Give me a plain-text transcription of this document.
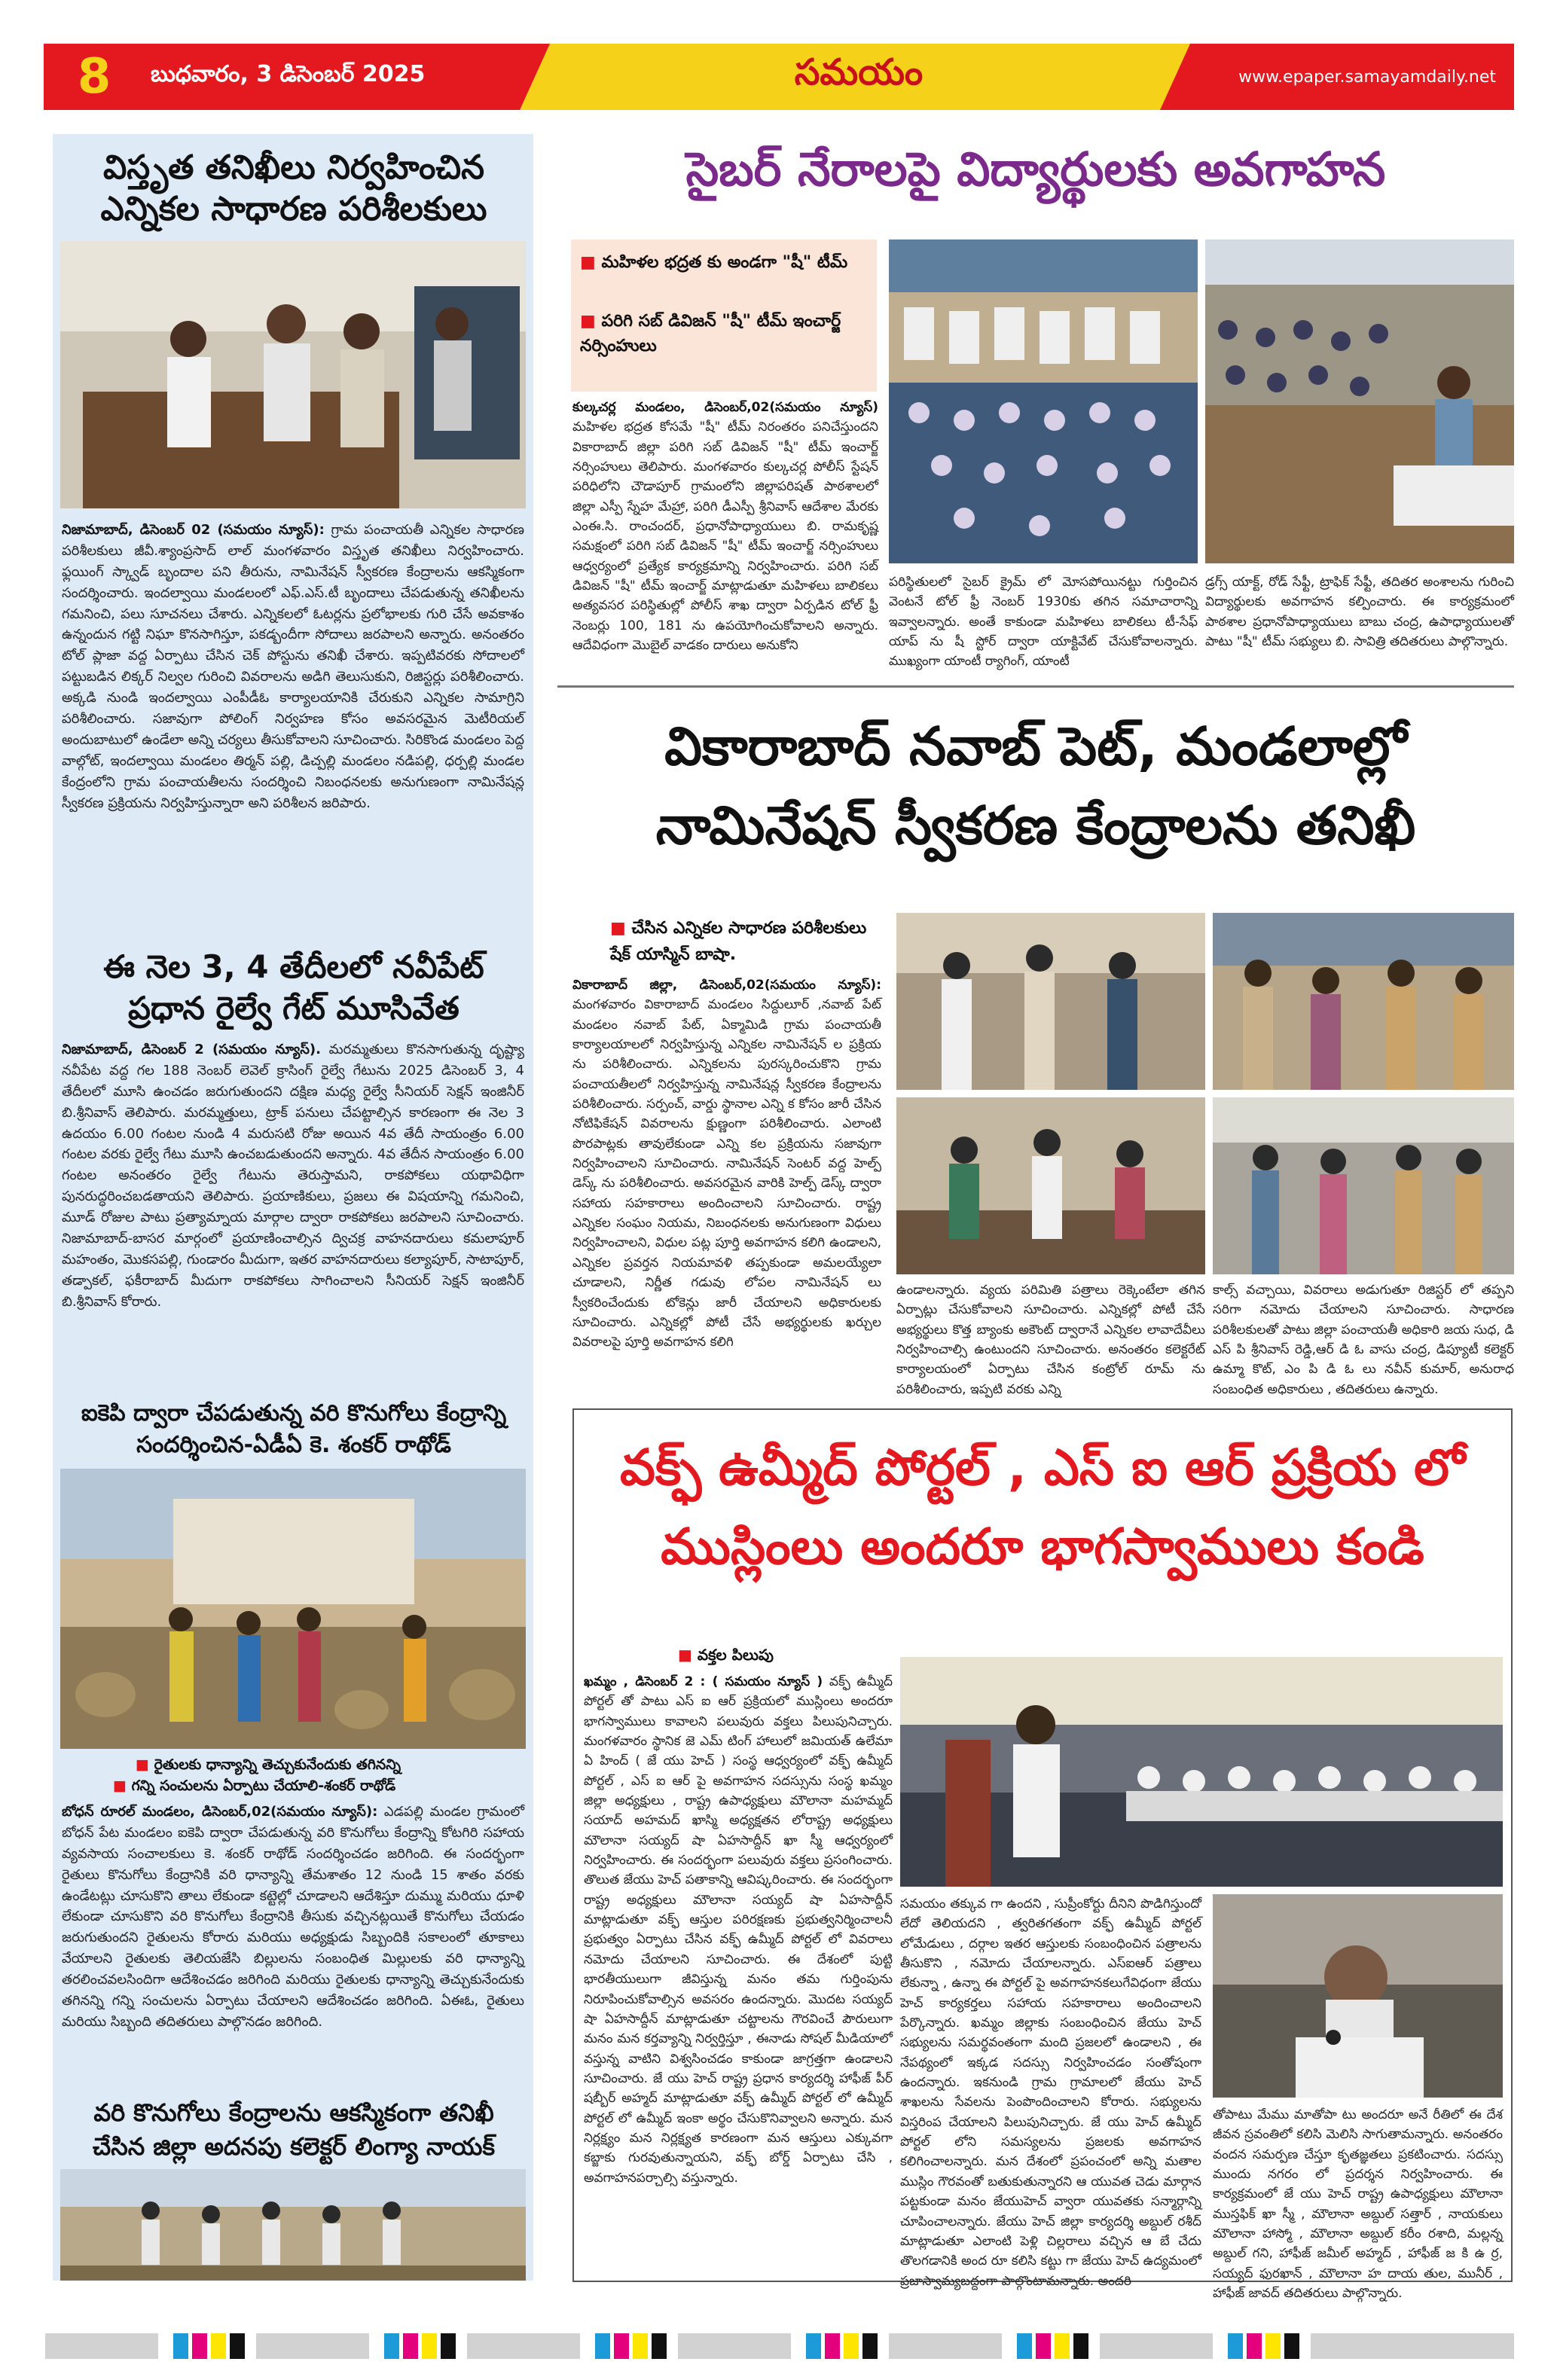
8	బుధవారం, 3 డిసెంబర్ 2025	సమయం	www.epaper.samayamdaily.net
విస్తృత తనిఖీలు నిర్వహించిన
ఎన్నికల సాధారణ పరిశీలకులు
నిజామాబాద్, డిసెంబర్ 02 (సమయం న్యూస్): గ్రామ పంచాయతీ ఎన్నికల సాధారణ పరిశీలకులు జీవీ.శ్యాంప్రసాద్ లాల్ మంగళవారం విస్తృత తనిఖీలు నిర్వహించారు. ఫ్లయింగ్ స్క్వాడ్ బృందాల పని తీరును, నామినేషన్ స్వీకరణ కేంద్రాలను ఆకస్మికంగా సందర్శించారు. ఇందల్వాయి మండలంలో ఎఫ్.ఎస్.టీ బృందాలు చేపడుతున్న తనిఖీలను గమనించి, పలు సూచనలు చేశారు. ఎన్నికలలో ఓటర్లను ప్రలోభాలకు గురి చేసే అవకాశం ఉన్నందున గట్టి నిఘా కొనసాగిస్తూ, పకడ్బందీగా సోదాలు జరపాలని అన్నారు. అనంతరం టోల్ ప్లాజా వద్ద ఏర్పాటు చేసిన చెక్ పోస్టును తనిఖీ చేశారు. ఇప్పటివరకు సోదాలలో పట్టుబడిన లిక్కర్ నిల్వల గురించి వివరాలను అడిగి తెలుసుకుని, రిజిస్టర్లు పరిశీలించారు. అక్కడి నుండి ఇందల్వాయి ఎంపీడీఓ కార్యాలయానికి చేరుకుని ఎన్నికల సామాగ్రిని పరిశీలించారు. సజావుగా పోలింగ్ నిర్వహణ కోసం అవసరమైన మెటీరియల్ అందుబాటులో ఉండేలా అన్ని చర్యలు తీసుకోవాలని సూచించారు. సిరికొండ మండలం పెద్ద వాల్గోట్, ఇందల్వాయి మండలం తిర్మన్ పల్లి, డిచ్పల్లి మండలం నడిపల్లి, ధర్పల్లి మండల కేంద్రంలోని గ్రామ పంచాయతీలను సందర్శించి నిబంధనలకు అనుగుణంగా నామినేషన్ల స్వీకరణ ప్రక్రియను నిర్వహిస్తున్నారా అని పరిశీలన జరిపారు.
ఈ నెల 3, 4 తేదీలలో నవీపేట్
ప్రధాన రైల్వే గేట్ మూసివేత
నిజామాబాద్, డిసెంబర్ 2 (సమయం న్యూస్). మరమ్మతులు కొనసాగుతున్న దృష్ట్యా నవీపేట వద్ద గల 188 నెంబర్ లెవెల్ క్రాసింగ్ రైల్వే గేటును 2025 డిసెంబర్ 3, 4 తేదీలలో మూసి ఉంచడం జరుగుతుందని దక్షిణ మధ్య రైల్వే సీనియర్ సెక్షన్ ఇంజినీర్ బి.శ్రీనివాస్ తెలిపారు. మరమ్మత్తులు, ట్రాక్ పనులు చేపట్టాల్సిన కారణంగా ఈ నెల 3 ఉదయం 6.00 గంటల నుండి 4 మరుసటి రోజు అయిన 4వ తేదీ సాయంత్రం 6.00 గంటల వరకు రైల్వే గేటు మూసి ఉంచబడుతుందని అన్నారు. 4వ తేదీన సాయంత్రం 6.00 గంటల అనంతరం రైల్వే గేటును తెరుస్తామని, రాకపోకలు యథావిధిగా పునరుద్ధరించబడతాయని తెలిపారు. ప్రయాణికులు, ప్రజలు ఈ విషయాన్ని గమనించి, మూడ్ రోజుల పాటు ప్రత్యామ్నాయ మార్గాల ద్వారా రాకపోకలు జరపాలని సూచించారు. నిజామాబాద్-బాసర మార్గంలో ప్రయాణించాల్సిన ద్విచక్ర వాహనదారులు కమలాపూర్ మహంతం, మొకసపల్లి, గుండారం మీదుగా, ఇతర వాహనదారులు కల్యాపూర్, సాటాపూర్, తడ్పాకల్, ఫకీరాబాద్ మీదుగా రాకపోకలు సాగించాలని సీనియర్ సెక్షన్ ఇంజినీర్ బి.శ్రీనివాస్ కోరారు.
ఐకెపి ద్వారా చేపడుతున్న వరి కొనుగోలు కేంద్రాన్ని
సందర్శించిన-ఏడీఏ కె. శంకర్ రాథోడ్
■ రైతులకు ధాన్యాన్ని తెచ్చుకునేందుకు తగినన్ని
■ గన్ని సంచులను ఏర్పాటు చేయాలి-శంకర్ రాథోడ్
బోధన్ రూరల్ మండలం, డిసెంబర్,02(సమయం న్యూస్): ఎడపల్లి మండల గ్రామంలో బోధన్ పేట మండలం ఐకెపి ద్వారా చేపడుతున్న వరి కొనుగోలు కేంద్రాన్ని కోటగిరి సహాయ వ్యవసాయ సంచాలకులు కె. శంకర్ రాథోడ్ సందర్శించడం జరిగింది. ఈ సందర్భంగా రైతులు కొనుగోలు కేంద్రానికి వరి ధాన్యాన్ని తేమశాతం 12 నుండి 15 శాతం వరకు ఉండేటట్లు చూసుకొని తాలు లేకుండా కట్టెల్లో చూడాలని ఆదేశిస్తూ దుమ్ము మరియు ధూళి లేకుండా చూసుకొని వరి కొనుగోలు కేంద్రానికి తీసుకు వచ్చినట్లయితే కొనుగోలు చేయడం జరుగుతుందని రైతులను కోరారు మరియు అధ్యక్షుడు సిబ్బందికి సకాలంలో తూకాలు వేయాలని రైతులకు తెలియజేసి బిల్లులను సంబంధిత మిల్లులకు వరి ధాన్యాన్ని తరలించవలసిందిగా ఆదేశించడం జరిగింది మరియు రైతులకు ధాన్యాన్ని తెచ్చుకునేందుకు తగినన్ని గన్ని సంచులను ఏర్పాటు చేయాలని ఆదేశించడం జరిగింది. ఏఈఓ, రైతులు మరియు సిబ్బంది తదితరులు పాల్గొనడం జరిగింది.
వరి కొనుగోలు కేంద్రాలను ఆకస్మికంగా తనిఖీ
చేసిన జిల్లా అదనపు కలెక్టర్ లింగ్యా నాయక్
సైబర్ నేరాలపై విద్యార్థులకు అవగాహన
■ మహిళల భద్రత కు అండగా "షీ" టీమ్
■ పరిగి సబ్ డివిజన్ "షీ" టీమ్ ఇంచార్జ్ నర్సింహులు
కుల్కచర్ల మండలం, డిసెంబర్,02(సమయం న్యూస్) మహిళల భద్రత కోసమే "షీ" టీమ్ నిరంతరం పనిచేస్తుందని వికారాబాద్ జిల్లా పరిగి సబ్ డివిజన్ "షీ" టీమ్ ఇంచార్జ్ నర్సింహులు తెలిపారు. మంగళవారం కుల్కచర్ల పోలీస్ స్టేషన్ పరిధిలోని చౌడాపూర్ గ్రామంలోని జిల్లాపరిషత్ పాఠశాలలో జిల్లా ఎస్పీ స్నేహ మేహ్రా, పరిగి డీఎస్పీ శ్రీనివాస్ ఆదేశాల మేరకు ఎంఈ.సి. రాంచందర్, ప్రధానోపాధ్యాయులు బి. రామకృష్ణ సమక్షంలో పరిగి సబ్ డివిజన్ "షీ" టీమ్ ఇంచార్జ్ నర్సింహులు ఆధ్వర్యంలో ప్రత్యేక కార్యక్రమాన్ని నిర్వహించారు. పరిగి సబ్ డివిజన్ "షీ" టీమ్ ఇంచార్జ్ మాట్లాడుతూ మహిళలు బాలికలు అత్యవసర పరిస్థితుల్లో పోలీస్ శాఖ ద్వారా ఏర్పడిన టోల్ ఫ్రీ నెంబర్లు 100, 181 ను ఉపయోగించుకోవాలని అన్నారు. ఆదేవిధంగా మొబైల్ వాడకం దారులు అనుకోని
పరిస్థితులలో సైబర్ క్రైమ్ లో మోసపోయినట్టు గుర్తించిన వెంటనే టోల్ ఫ్రీ నెంబర్ 1930కు తగిన సమాచారాన్ని ఇవ్వాలన్నారు. అంతే కాకుండా మహిళలు బాలికలు టీ-సేఫ్ యాప్ ను షీ స్టోర్ ద్వారా యాక్టివేట్ చేసుకోవాలన్నారు. ముఖ్యంగా యాంటీ ర్యాగింగ్, యాంటీ
డ్రగ్స్ యాక్ట్, రోడ్ సేఫ్టీ, ట్రాఫిక్ సేఫ్టీ, తదితర అంశాలను గురించి విద్యార్థులకు అవగాహన కల్పించారు. ఈ కార్యక్రమంలో పాఠశాల ప్రధానోపాధ్యాయులు బాబు చంద్ర, ఉపాధ్యాయులతో పాటు "షీ" టీమ్ సభ్యులు బి. సావిత్రి తదితరులు పాల్గొన్నారు.
వికారాబాద్ నవాబ్ పెట్, మండలాల్లో
నామినేషన్ స్వీకరణ కేంద్రాలను తనిఖీ
■ చేసిన ఎన్నికల సాధారణ పరిశీలకులు షేక్ యాస్మిన్ బాషా.
వికారాబాద్ జిల్లా, డిసెంబర్,02(సమయం న్యూస్): మంగళవారం వికారాబాద్ మండలం సిద్దులూర్ ,నవాబ్ పేట్ మండలం నవాబ్ పేట్, ఏక్మామిడి గ్రామ పంచాయతీ కార్యాలయాలలో నిర్వహిస్తున్న ఎన్నికల నామినేషన్ ల ప్రక్రియ ను పరిశీలించారు. ఎన్నికలను పురస్కరించుకొని గ్రామ పంచాయతీలలో నిర్వహిస్తున్న నామినేషన్ల స్వీకరణ కేంద్రాలను పరిశీలించారు. సర్పంచ్, వార్డు స్థానాల ఎన్ని క కోసం జారీ చేసిన నోటిఫికేషన్ వివరాలను క్షుణ్ణంగా పరిశీలించారు. ఎలాంటి పొరపాట్లకు తావులేకుండా ఎన్ని కల ప్రక్రియను సజావుగా నిర్వహించాలని సూచించారు. నామినేషన్ సెంటర్ వద్ద హెల్ప్ డెస్క్ ను పరిశీలించారు. అవసరమైన వారికి హెల్ప్ డెస్క్ ద్వారా సహాయ సహకారాలు అందించాలని సూచించారు. రాష్ట్ర ఎన్నికల సంఘం నియమ, నిబంధనలకు అనుగుణంగా విధులు నిర్వహించాలని, విధుల పట్ల పూర్తి అవగాహన కలిగి ఉండాలని, ఎన్నికల ప్రవర్తన నియమావళి తప్పకుండా అమలయ్యేలా చూడాలని, నిర్ణీత గడువు లోపల నామినేషన్ లు స్వీకరించేందుకు టోకెన్లు జారీ చేయాలని అధికారులకు సూచించారు. ఎన్నికల్లో పోటీ చేసే అభ్యర్థులకు ఖర్చుల వివరాలపై పూర్తి అవగాహన కలిగి
ఉండాలన్నారు. వ్యయ పరిమితి పత్రాలు రెక్కెంటేలా తగిన ఏర్పాట్లు చేసుకోవాలని సూచించారు. ఎన్నికల్లో పోటీ చేసే అభ్యర్థులు కొత్త బ్యాంకు అకౌంట్ ద్వారానే ఎన్నికల లావాదేవీలు నిర్వహించాల్సి ఉంటుందని సూచించారు. అనంతరం కలెక్టరేట్ కార్యాలయంలో ఏర్పాటు చేసిన కంట్రోల్ రూమ్ ను పరిశీలించారు, ఇప్పటి వరకు ఎన్ని
కాల్స్ వచ్చాయి, వివరాలు అడుగుతూ రిజిస్టర్ లో తప్పని సరిగా నమోదు చేయాలని సూచించారు. సాధారణ పరిశీలకులతో పాటు జిల్లా పంచాయతీ అధికారి జయ సుధ, డి ఎస్ పి శ్రీనివాస్ రెడ్డి,ఆర్ డి ఓ వాసు చంద్ర, డిప్యూటీ కలెక్టర్ ఉమ్మా కొట్, ఎం పి డి ఓ లు నవీన్ కుమార్, అనురాధ సంబంధిత అధికారులు , తదితరులు ఉన్నారు.
వక్ఫ్ ఉమ్మీద్ పోర్టల్ , ఎస్ ఐ ఆర్ ప్రక్రియ లో
ముస్లింలు అందరూ భాగస్వాములు కండి
■ వక్తల పిలుపు
ఖమ్మం , డిసెంబర్ 2 : ( సమయం న్యూస్ ) వక్ఫ్ ఉమ్మీద్ పోర్టల్ తో పాటు ఎస్ ఐ ఆర్ ప్రక్రియలో ముస్లింలు అందరూ భాగస్వాములు కావాలని పలువురు వక్తలు పిలుపునిచ్చారు. మంగళవారం స్థానిక జె ఎమ్ టింగ్ హాలులో జమియత్ ఉలేమా ఏ హింద్ ( జే యు హెచ్ ) సంస్థ ఆధ్వర్యంలో వక్ఫ్ ఉమ్మీద్ పోర్టల్ , ఎస్ ఐ ఆర్ పై అవగాహన సదస్సును సంస్థ ఖమ్మం జిల్లా అధ్యక్షులు , రాష్ట్ర ఉపాధ్యక్షులు మౌలానా మహమ్మద్ సయాద్ అహమద్ ఖాస్మి అధ్యక్షతన లోరాష్ట్ర అధ్యక్షులు మౌలానా సయ్యద్ షా ఏహసాద్దీన్ ఖా స్మీ ఆధ్వర్యంలో నిర్వహించారు. ఈ సందర్భంగా పలువురు వక్తలు ప్రసంగించారు. తొలుత జేయు హెచ్ పతాకాన్ని ఆవిష్కరించారు. ఈ సందర్భంగా రాష్ట్ర అధ్యక్షులు మౌలానా సయ్యద్ షా ఏహసాద్దీన్ మాట్లాడుతూ వక్ఫ్ ఆస్తుల పరిరక్షణకు ప్రభుత్వనిర్మించాలనీ ప్రభుత్వం ఏర్పాటు చేసిన వక్ఫ్ ఉమ్మీద్ పోర్టల్ లో వివరాలు నమోదు చేయాలని సూచించారు. ఈ దేశంలో పుట్టి భారతీయులుగా జీవిస్తున్న మనం తమ గుర్తింపును నిరూపించుకోవాల్సిన అవసరం ఉందన్నారు. మొదట సయ్యద్ షా ఏహసాద్దీన్ మాట్లాడుతూ చట్టాలను గౌరవించే పౌరులుగా మనం మన కర్తవ్యాన్ని నిర్వర్తిస్తూ , ఈనాడు సోషల్ మీడియాలో వస్తున్న వాటిని విశ్వసించడం కాకుండా జాగ్రత్తగా ఉండాలని సూచించారు. జే యు హెచ్ రాష్ట్ర ప్రధాన కార్యదర్శి హాఫీజ్ పీర్ షబ్బీర్ అహ్మద్ మాట్లాడుతూ వక్ఫ్ ఉమ్మీద్ పోర్టల్ లో ఉమ్మీద్ పోర్టల్ లో ఉమ్మీద్ ఇంకా అర్థం చేసుకొనివ్వాలని అన్నారు. మన నిర్లక్ష్యం మన నిర్లక్ష్యత కారణంగా మన ఆస్తులు ఎక్కువగా కబ్జాకు గురవుతున్నాయని, వక్ఫ్ బోర్డ్ ఏర్పాటు చేసి , అవగాహనపర్చాల్సి వస్తున్నారు.
సమయం తక్కువ గా ఉందని , సుప్రీంకోర్టు దీనిని పొడిగిస్తుందో లేదో తెలియదని , త్వరితగతంగా వక్ఫ్ ఉమ్మీద్ పోర్టల్ లోమేడులు , దర్గాల ఇతర ఆస్తులకు సంబంధించిన పత్రాలను తీసుకొని , నమోదు చేయాలన్నారు. ఎస్ఐఆర్ పత్రాలు లేకున్నా , ఉన్నా ఈ పోర్టల్ పై అవగాహనకలుగేవిధంగా జేయు హెచ్ కార్యకర్తలు సహాయ సహకారాలు అందించాలని పేర్కొన్నారు. ఖమ్మం జిల్లాకు సంబంధించిన జేయు హెచ్ సభ్యులను సమర్థవంతంగా మంది ప్రజలలో ఉండాలని , ఈ నేపథ్యంలో ఇక్కడ సదస్సు నిర్వహించడం సంతోషంగా ఉందన్నారు. ఇకనుండి గ్రామ గ్రామాలలో జేయు హెచ్ శాఖలను సేవలను పెంపొందించాలని కోరారు. సభ్యులను విస్తరింప చేయాలని పిలుపునిచ్చారు. జే యు హెచ్ ఉమ్మీద్ పోర్టల్ లోని సమస్యలను ప్రజలకు అవగాహన కలిగించాలన్నారు. మన దేశంలో ప్రపంచంలో అన్ని మతాల ముస్లిం గౌరవంతో బతుకుతున్నారని ఆ యువత చెడు మార్గాన పట్టకుండా మనం జేయుహెచ్ వ్వారా యువతకు సన్మార్గాన్ని చూపించాలన్నారు. జేయు హెచ్ జిల్లా కార్యదర్శి అబ్దుల్ రశీద్ మాట్లాడుతూ ఎలాంటి పెళ్లి చిల్లరాలు వచ్చిన ఆ బే చేదు తొలగడానికి అంద రూ కలిసి కట్టు గా జేయు హెచ్ ఉద్యమంలో ప్రజాస్వామ్యబద్దంగా పాల్గొంటామన్నారు. అందరి
తోపాటు మేము మాతోపా టు అందరూ అనే రీతిలో ఈ దేశ జీవన స్రవంతిలో కలిసి మెలిసి సాగుతామన్నారు. అనంతరం వందన సమర్పణ చేస్తూ కృతజ్ఞతలు ప్రకటించారు. సదస్సు ముందు నగరం లో ప్రదర్శన నిర్వహించారు. ఈ కార్యక్రమంలో జే యు హెచ్ రాష్ట్ర ఉపాధ్యక్షులు మౌలానా ముస్తఫిక్ ఖా స్మీ , మౌలానా అబ్దుల్ సత్తార్ , నాయకులు మౌలానా హాస్మో , మౌలానా అబ్దుల్ కరీం రశాది, మల్లన్న అబ్దుల్ గని, హాఫీజ్ జమీల్ అహ్మద్ , హాఫీజ్ జ కి ఉ ర్ర, సయ్యద్ ఫురఖాన్ , మౌలానా హ దాయ తుల, మునీర్ , హాఫీజ్ జావద్ తదితరులు పాల్గొన్నారు.
